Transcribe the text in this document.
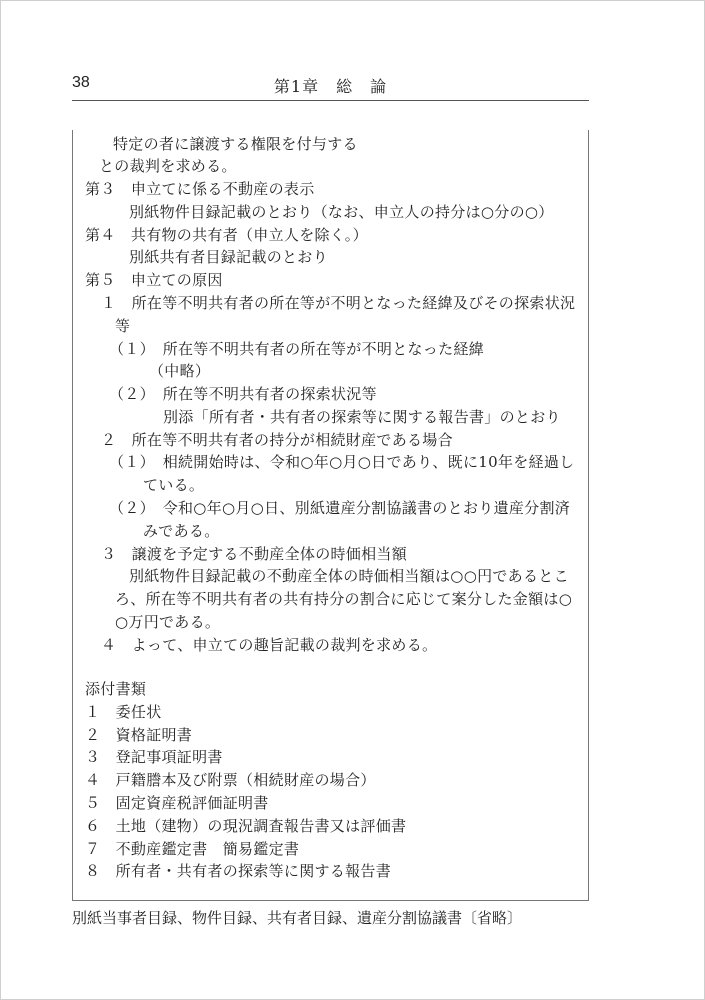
38	第1章　総　論
特定の者に譲渡する権限を付与する
との裁判を求める。
第３　申立てに係る不動産の表示
別紙物件目録記載のとおり（なお、申立人の持分は○分の○）
第４　共有物の共有者（申立人を除く。）
別紙共有者目録記載のとおり
第５　申立ての原因
１　所在等不明共有者の所在等が不明となった経緯及びその探索状況
等
（１）　所在等不明共有者の所在等が不明となった経緯
（中略）
（２）　所在等不明共有者の探索状況等
別添「所有者・共有者の探索等に関する報告書」のとおり
２　所在等不明共有者の持分が相続財産である場合
（１）　相続開始時は、令和○年○月○日であり、既に10年を経過し
ている。
（２）　令和○年○月○日、別紙遺産分割協議書のとおり遺産分割済
みである。
３　譲渡を予定する不動産全体の時価相当額
別紙物件目録記載の不動産全体の時価相当額は○○円であるとこ
ろ、所在等不明共有者の共有持分の割合に応じて案分した金額は○
○万円である。
４　よって、申立ての趣旨記載の裁判を求める。
添付書類
１　委任状
２　資格証明書
３　登記事項証明書
４　戸籍謄本及び附票（相続財産の場合）
５　固定資産税評価証明書
６　土地（建物）の現況調査報告書又は評価書
７　不動産鑑定書　簡易鑑定書
８　所有者・共有者の探索等に関する報告書
別紙当事者目録、物件目録、共有者目録、遺産分割協議書〔省略〕
